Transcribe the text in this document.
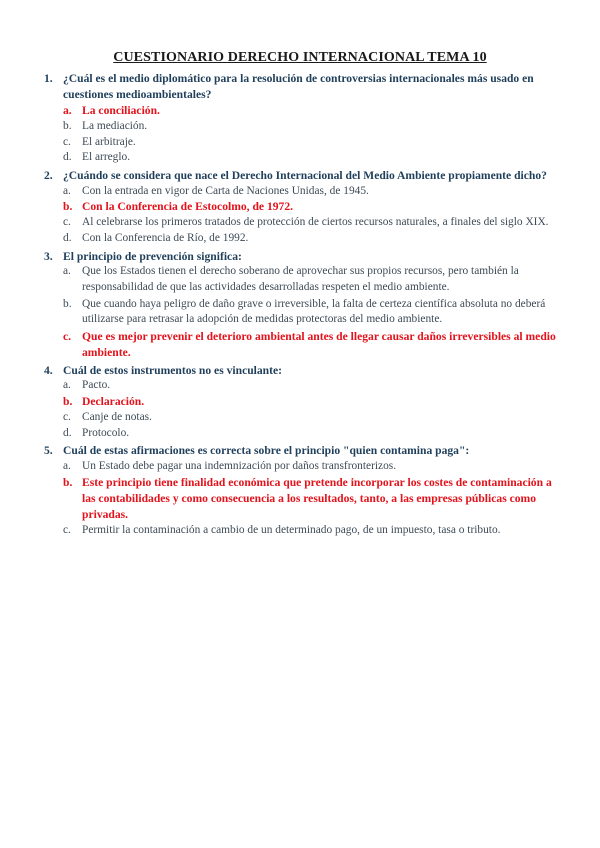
CUESTIONARIO DERECHO INTERNACIONAL TEMA 10
1. ¿Cuál es el medio diplomático para la resolución de controversias internacionales más usado en cuestiones medioambientales?
a. La conciliación.
b. La mediación.
c. El arbitraje.
d. El arreglo.
2. ¿Cuándo se considera que nace el Derecho Internacional del Medio Ambiente propiamente dicho?
a. Con la entrada en vigor de Carta de Naciones Unidas, de 1945.
b. Con la Conferencia de Estocolmo, de 1972.
c. Al celebrarse los primeros tratados de protección de ciertos recursos naturales, a finales del siglo XIX.
d. Con la Conferencia de Río, de 1992.
3. El principio de prevención significa:
a. Que los Estados tienen el derecho soberano de aprovechar sus propios recursos, pero también la responsabilidad de que las actividades desarrolladas respeten el medio ambiente.
b. Que cuando haya peligro de daño grave o irreversible, la falta de certeza científica absoluta no deberá utilizarse para retrasar la adopción de medidas protectoras del medio ambiente.
c. Que es mejor prevenir el deterioro ambiental antes de llegar causar daños irreversibles al medio ambiente.
4. Cuál de estos instrumentos no es vinculante:
a. Pacto.
b. Declaración.
c. Canje de notas.
d. Protocolo.
5. Cuál de estas afirmaciones es correcta sobre el principio "quien contamina paga":
a. Un Estado debe pagar una indemnización por daños transfronterizos.
b. Este principio tiene finalidad económica que pretende incorporar los costes de contaminación a las contabilidades y como consecuencia a los resultados, tanto, a las empresas públicas como privadas.
c. Permitir la contaminación a cambio de un determinado pago, de un impuesto, tasa o tributo.
